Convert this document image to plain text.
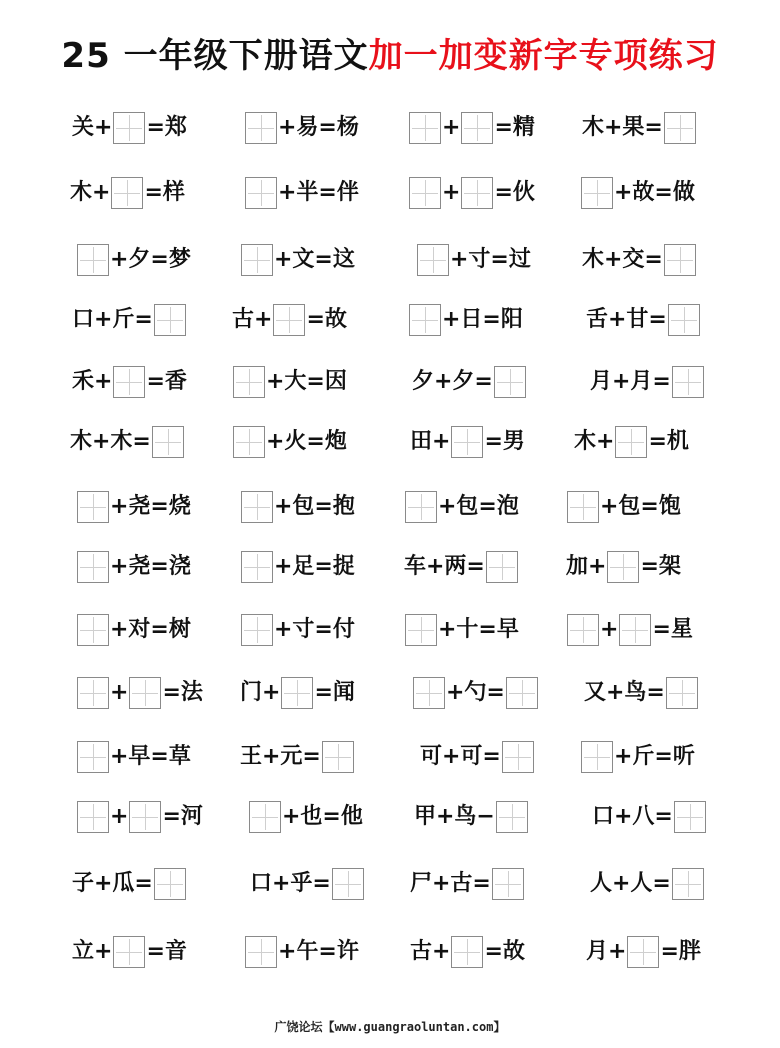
25 一年级下册语文加一加变新字专项练习
关+ =郑	+易=杨	+ =精 木+果=
木+ =样	+半=伴	+ =伙	+故=做
+夕=梦	+文=这	+寸=过 木+交=
口+斤=	古+ =故	+日=阳	舌+甘=
禾+ =香	+大=因	夕+夕=	月+月=
木+木=	+火=炮	田+ =男 木+ =机
+尧=烧	+包=抱	+包=泡	+包=饱
+尧=浇	+足=捉 车+两=	加+ =架
+对=树	+寸=付	+十=早	+ =星
+ =法 门+ =闻	+勺=	又+鸟=
+早=草 王+元=	可+可=	+斤=听
+ =河	+也=他 甲+鸟−	口+八=
子+瓜=	口+乎=	尸+古=	人+人=
立+ =音	+午=许 古+ =故	月+ =胖
广饶论坛【www.guangraoluntan.com】
